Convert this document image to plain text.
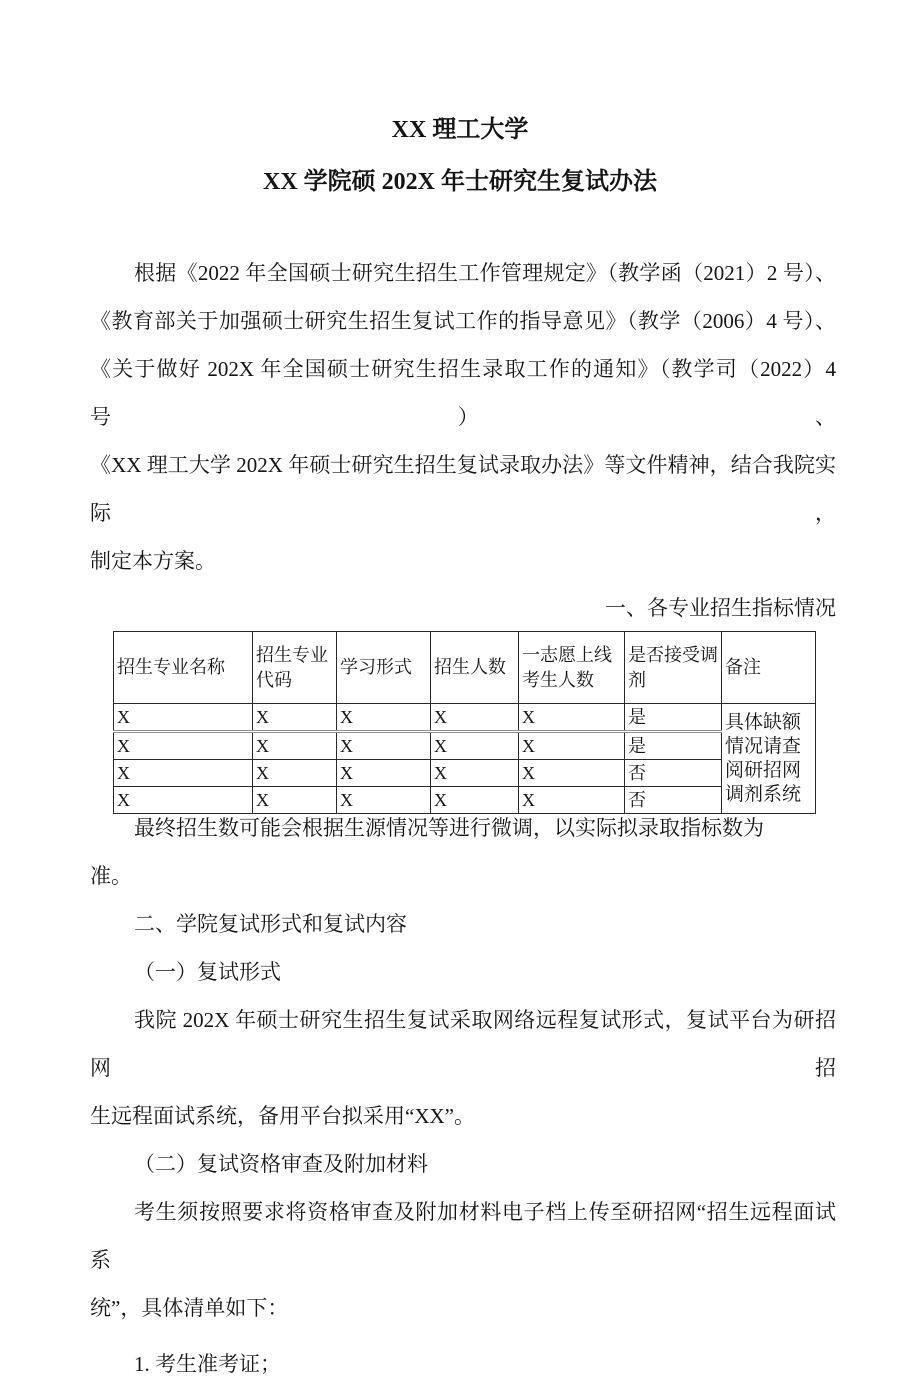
XX 理工大学
XX 学院硕 202X 年士研究生复试办法

根据《2022 年全国硕士研究生招生工作管理规定》（教学函（2021）2 号）、

《教育部关于加强硕士研究生招生复试工作的指导意见》（教学（2006）4 号）、

《关于做好 202X 年全国硕士研究生招生录取工作的通知》（教学司（2022）4 号）、

《XX 理工大学 202X 年硕士研究生招生复试录取办法》等文件精神，结合我院实际，

制定本方案。

一、各专业招生指标情况

招生专业名称	招生专业代码	学习形式	招生人数	一志愿上线考生人数	是否接受调剂	备注
X	X	X	X	X	是	具体缺额情况请查阅研招网调剂系统
X	X	X	X	X	是	
X	X	X	X	X	否	
X	X	X	X	X	否	

最终招生数可能会根据生源情况等进行微调，以实际拟录取指标数为

准。

二、学院复试形式和复试内容

（一）复试形式

我院 202X 年硕士研究生招生复试采取网络远程复试形式，复试平台为研招网招

生远程面试系统，备用平台拟采用“XX”。

（二）复试资格审查及附加材料

考生须按照要求将资格审查及附加材料电子档上传至研招网“招生远程面试系

统”，具体清单如下：

1. 考生准考证；
